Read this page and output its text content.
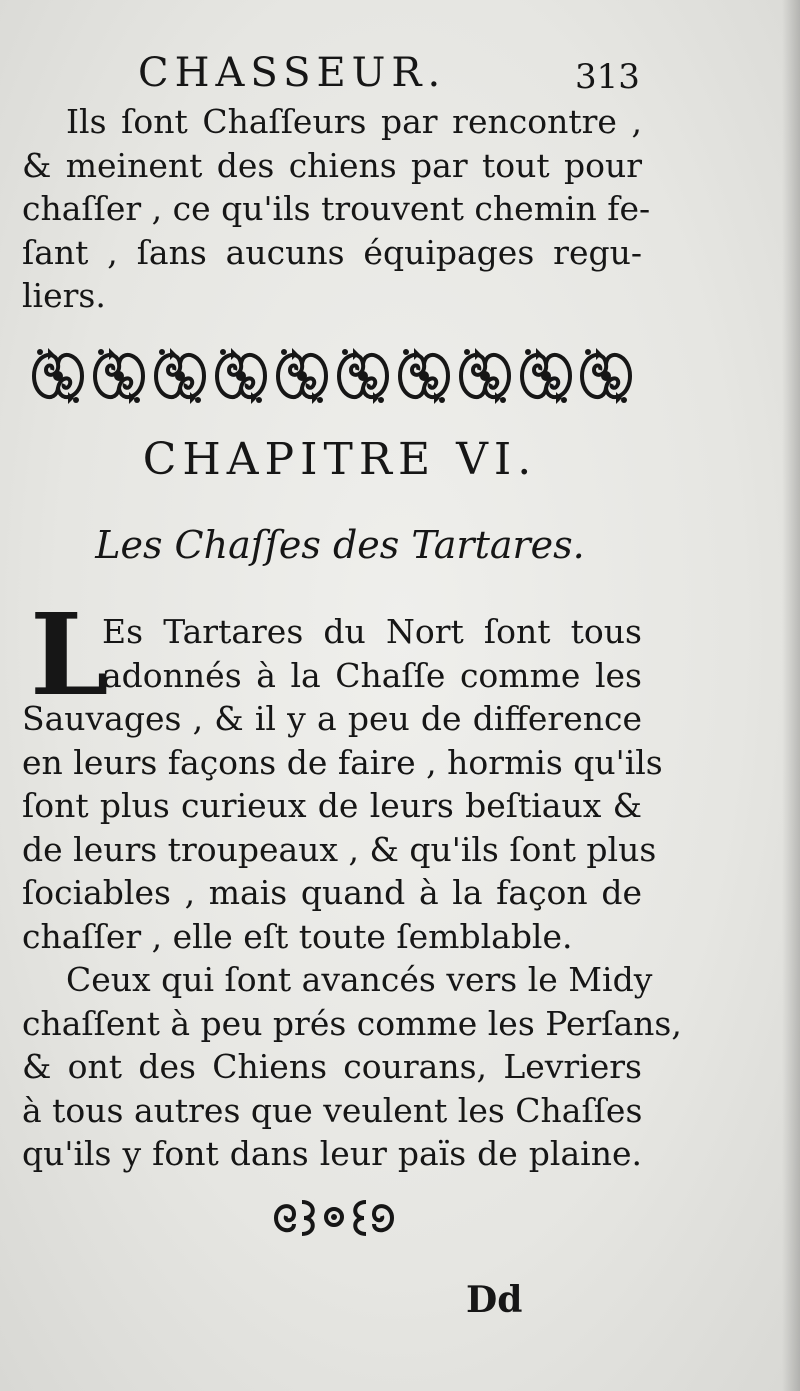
CHASSEUR.	313
Ils ſont Chaſſeurs par rencontre ,
& meinent des chiens par tout pour
chaſſer , ce qu'ils trouvent chemin fe-
ſant , ſans aucuns équipages regu-
liers.
CHAPITRE VI.
Les Chaſſes des Tartares.
L
Es Tartares du Nort ſont tous
adonnés à la Chaſſe comme les
Sauvages , & il y a peu de difference
en leurs façons de faire , hormis qu'ils
ſont plus curieux de leurs beſtiaux &
de leurs troupeaux , & qu'ils ſont plus
ſociables , mais quand à la façon de
chaſſer , elle eſt toute ſemblable.
Ceux qui ſont avancés vers le Midy
chaſſent à peu prés comme les Perſans,
& ont des Chiens courans, Levriers
à tous autres que veulent les Chaſſes
qu'ils y font dans leur païs de plaine.
Dd
